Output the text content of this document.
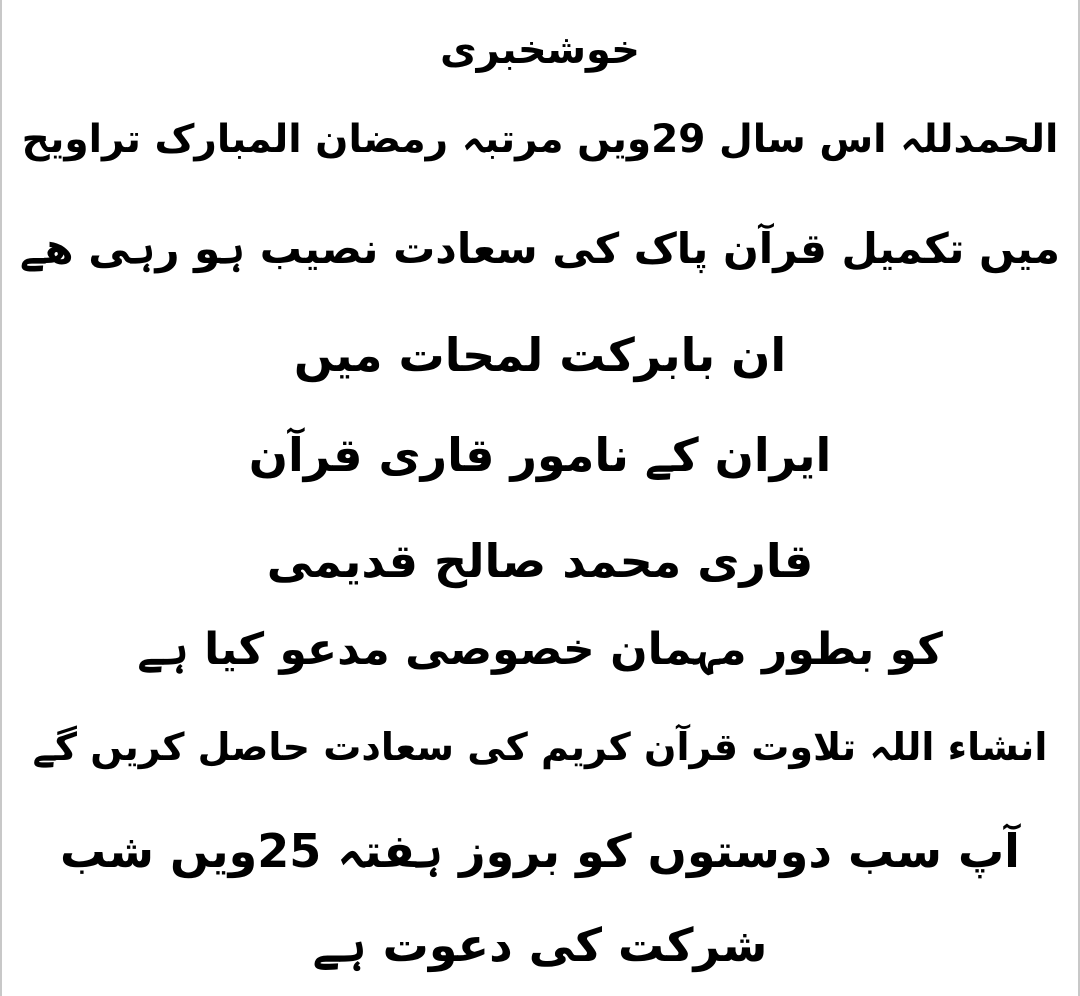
خوشخبری
الحمدللہ اس سال 29ویں مرتبہ رمضان المبارک تراویح
میں تکمیل قرآن پاک کی سعادت نصیب ہو رہی ھے
ان بابرکت لمحات میں
ایران کے نامور قاری قرآن
قاری محمد صالح قدیمی
کو بطور مہمان خصوصی مدعو کیا ہے
انشاء اللہ تلاوت قرآن کریم کی سعادت حاصل کریں گے
آپ سب دوستوں کو بروز ہفتہ 25ویں شب
شرکت کی دعوت ہے
